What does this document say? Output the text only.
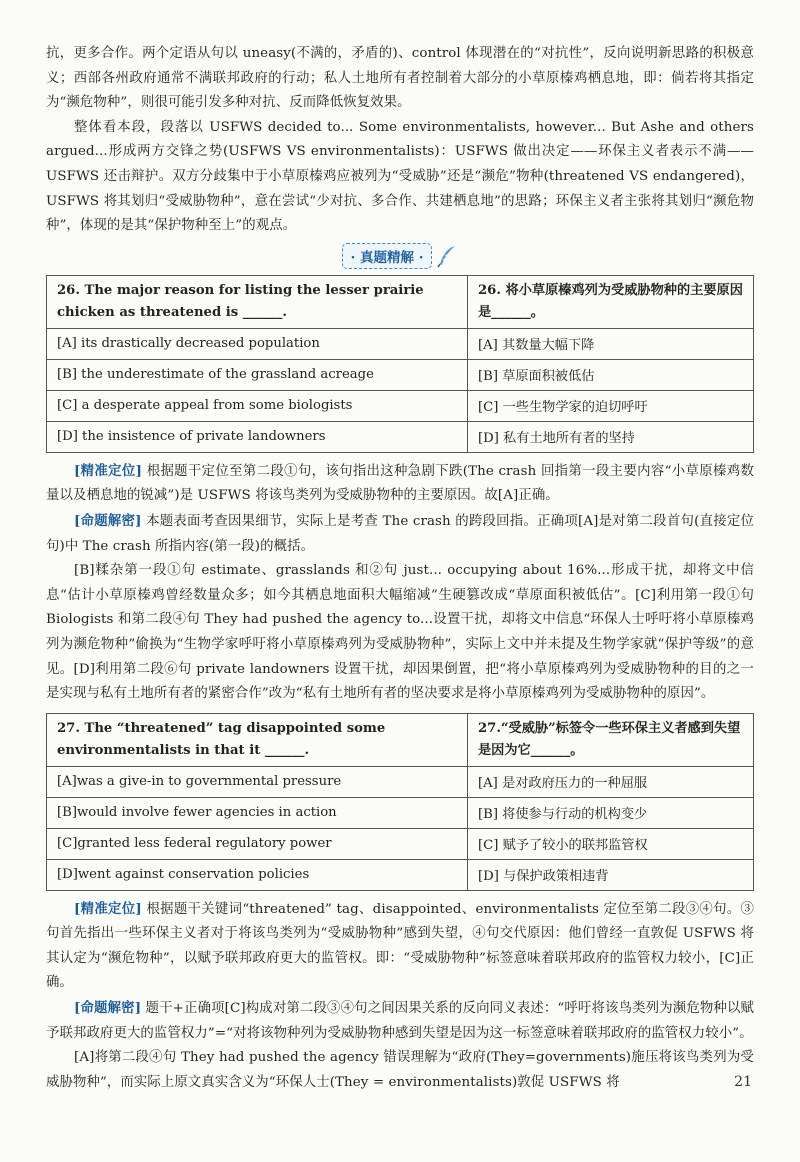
抗，更多合作。两个定语从句以 uneasy(不满的，矛盾的)、control 体现潜在的“对抗性”，反向说明新思路的积极意义；西部各州政府通常不满联邦政府的行动；私人土地所有者控制着大部分的小草原榛鸡栖息地，即：倘若将其指定为“濒危物种”，则很可能引发多种对抗、反而降低恢复效果。

整体看本段，段落以 USFWS decided to... Some environmentalists, however... But Ashe and others argued...形成两方交锋之势(USFWS VS environmentalists)：USFWS 做出决定——环保主义者表示不满——USFWS 还击辩护。双方分歧集中于小草原榛鸡应被列为“受威胁”还是“濒危”物种(threatened VS endangered)，USFWS 将其划归“受威胁物种”，意在尝试“少对抗、多合作、共建栖息地”的思路；环保主义者主张将其划归“濒危物种”，体现的是其“保护物种至上”的观点。

· 真题精解 ·
26. The major reason for listing the lesser prairie chicken as threatened is ______.	26. 将小草原榛鸡列为受威胁物种的主要原因是______。
[A] its drastically decreased population	[A] 其数量大幅下降
[B] the underestimate of the grassland acreage	[B] 草原面积被低估
[C] a desperate appeal from some biologists	[C] 一些生物学家的迫切呼吁
[D] the insistence of private landowners	[D] 私有土地所有者的坚持

[精准定位] 根据题干定位至第二段①句，该句指出这种急剧下跌(The crash 回指第一段主要内容“小草原榛鸡数量以及栖息地的锐减”)是 USFWS 将该鸟类列为受威胁物种的主要原因。故[A]正确。

[命题解密] 本题表面考查因果细节，实际上是考查 The crash 的跨段回指。正确项[A]是对第二段首句(直接定位句)中 The crash 所指内容(第一段)的概括。

[B]糅杂第一段①句 estimate、grasslands 和②句 just... occupying about 16%...形成干扰，却将文中信息“估计小草原榛鸡曾经数量众多；如今其栖息地面积大幅缩减”生硬篡改成“草原面积被低估”。[C]利用第一段①句 Biologists 和第二段④句 They had pushed the agency to...设置干扰，却将文中信息“环保人士呼吁将小草原榛鸡列为濒危物种”偷换为“生物学家呼吁将小草原榛鸡列为受威胁物种”，实际上文中并未提及生物学家就“保护等级”的意见。[D]利用第二段⑥句 private landowners 设置干扰，却因果倒置，把“将小草原榛鸡列为受威胁物种的目的之一是实现与私有土地所有者的紧密合作”改为“私有土地所有者的坚决要求是将小草原榛鸡列为受威胁物种的原因”。

27. The “threatened” tag disappointed some environmentalists in that it ______.	27.“受威胁”标签令一些环保主义者感到失望是因为它______。
[A]was a give-in to governmental pressure	[A] 是对政府压力的一种屈服
[B]would involve fewer agencies in action	[B] 将使参与行动的机构变少
[C]granted less federal regulatory power	[C] 赋予了较小的联邦监管权
[D]went against conservation policies	[D] 与保护政策相违背

[精准定位] 根据题干关键词“threatened” tag、disappointed、environmentalists 定位至第二段③④句。③句首先指出一些环保主义者对于将该鸟类列为“受威胁物种”感到失望，④句交代原因：他们曾经一直敦促 USFWS 将其认定为“濒危物种”，以赋予联邦政府更大的监管权。即：“受威胁物种”标签意味着联邦政府的监管权力较小，[C]正确。

[命题解密] 题干+正确项[C]构成对第二段③④句之间因果关系的反向同义表述：“呼吁将该鸟类列为濒危物种以赋予联邦政府更大的监管权力”=“对将该物种列为受威胁物种感到失望是因为这一标签意味着联邦政府的监管权力较小”。

[A]将第二段④句 They had pushed the agency 错误理解为“政府(They=governments)施压将该鸟类列为受威胁物种”，而实际上原文真实含义为“环保人士(They = environmentalists)敦促 USFWS 将	21
